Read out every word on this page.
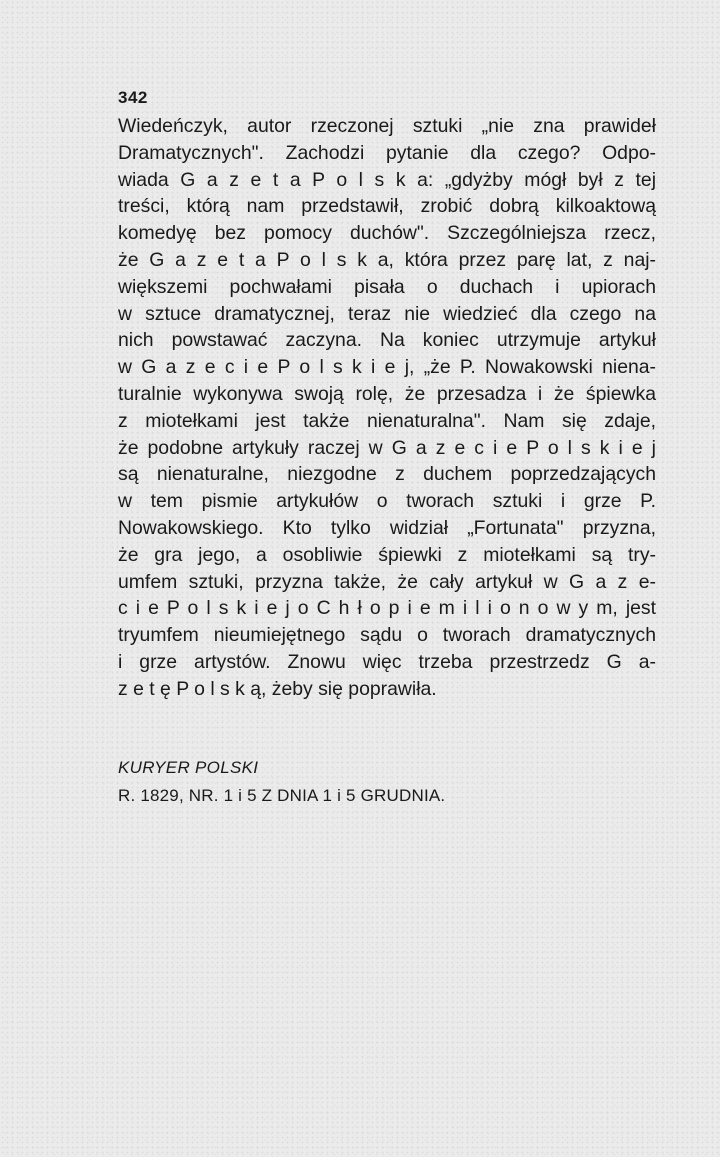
342
Wiedeńczyk, autor rzeczonej sztuki „nie zna prawideł
Dramatycznych". Zachodzi pytanie dla czego? Odpo-
wiada G a z e t a P o l s k a: „gdyżby mógł był z tej
treści, którą nam przedstawił, zrobić dobrą kilkoaktową
komedyę bez pomocy duchów". Szczególniejsza rzecz,
że G a z e t a P o l s k a, która przez parę lat, z naj-
większemi pochwałami pisała o duchach i upiorach
w sztuce dramatycznej, teraz nie wiedzieć dla czego na
nich powstawać zaczyna. Na koniec utrzymuje artykuł
w G a z e c i e P o l s k i e j, „że P. Nowakowski niena-
turalnie wykonywa swoją rolę, że przesadza i że śpiewka
z miotełkami jest także nienaturalna". Nam się zdaje,
że podobne artykuły raczej w G a z e c i e P o l s k i e j
są nienaturalne, niezgodne z duchem poprzedzających
w tem pismie artykułów o tworach sztuki i grze P.
Nowakowskiego. Kto tylko widział „Fortunata" przyzna,
że gra jego, a osobliwie śpiewki z miotełkami są try-
umfem sztuki, przyzna także, że cały artykuł w G a z e-
c i e P o l s k i e j o C h ł o p i e m i l i o n o w y m, jest
tryumfem nieumiejętnego sądu o tworach dramatycznych
i grze artystów. Znowu więc trzeba przestrzedz G a-
z e t ę P o l s k ą, żeby się poprawiła.
KURYER POLSKI
R. 1829, NR. 1 i 5 Z DNIA 1 i 5 GRUDNIA.
